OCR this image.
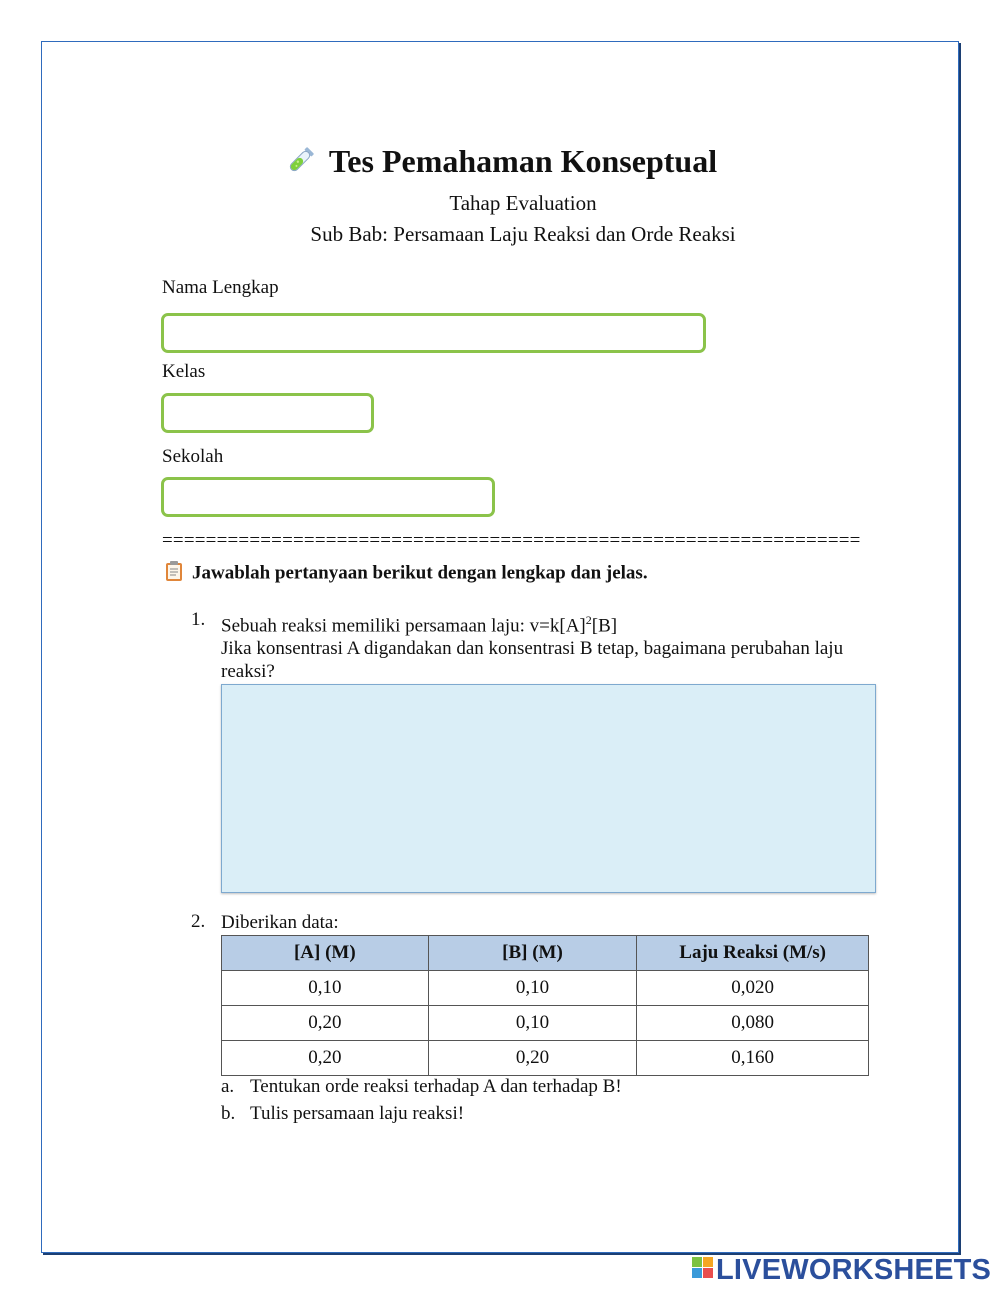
Tes Pemahaman Konseptual
Tahap Evaluation
Sub Bab: Persamaan Laju Reaksi dan Orde Reaksi
Nama Lengkap
Kelas
Sekolah
================================================================
Jawablah pertanyaan berikut dengan lengkap dan jelas.
1. Sebuah reaksi memiliki persamaan laju: $v=k[A]^2[B]$
Jika konsentrasi A digandakan dan konsentrasi B tetap, bagaimana perubahan laju
reaksi?
2. Diberikan data:
[A] (M)	[B] (M)	Laju Reaksi (M/s)
0,10	0,10	0,020
0,20	0,10	0,080
0,20	0,20	0,160
a. Tentukan orde reaksi terhadap A dan terhadap B!
b. Tulis persamaan laju reaksi!
LIVEWORKSHEETS
